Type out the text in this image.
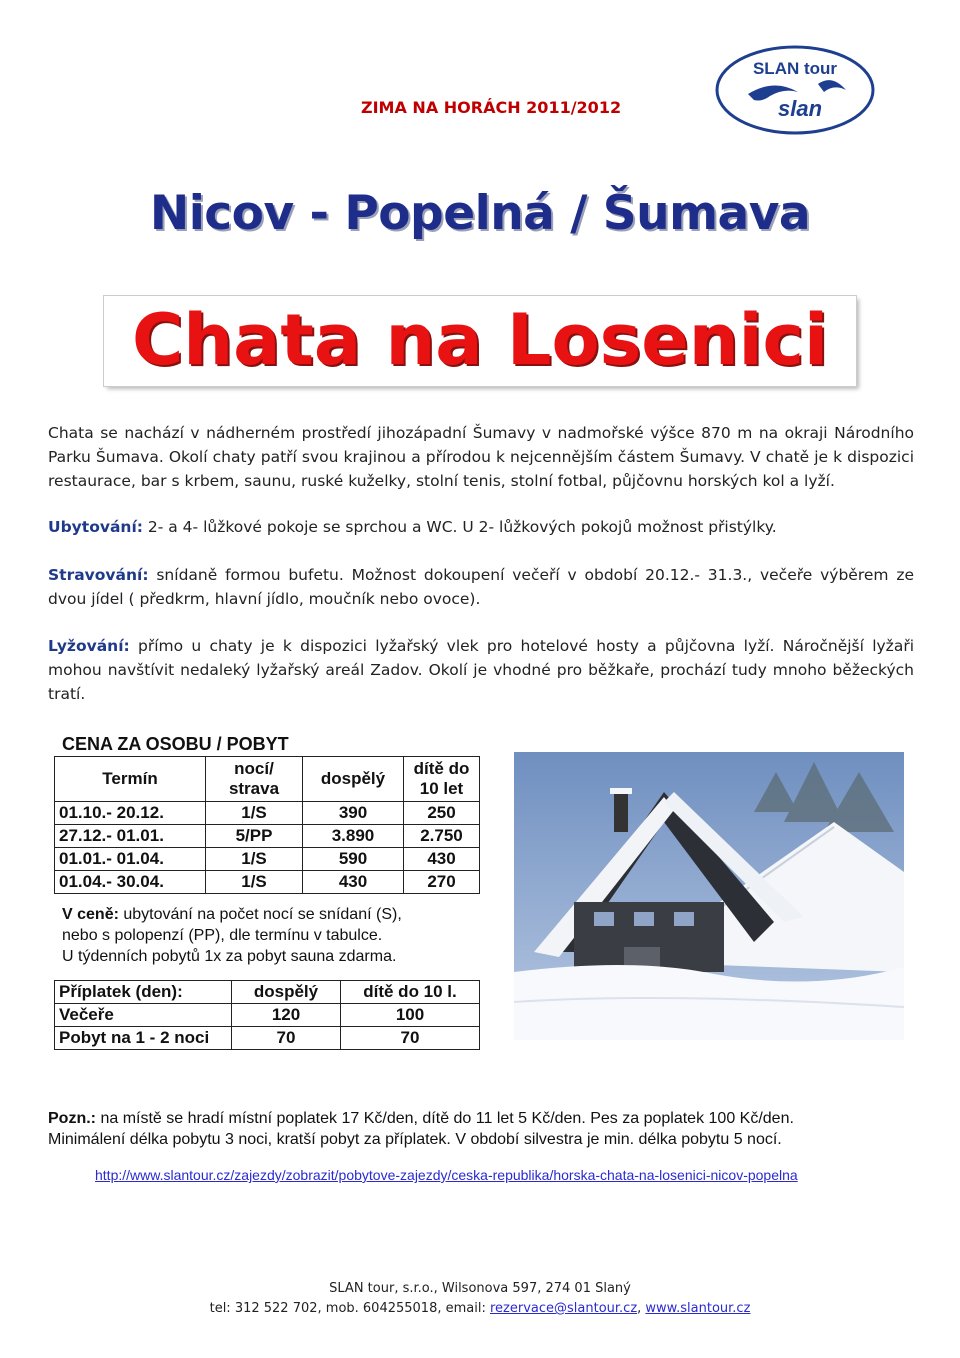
ZIMA NA HORÁCH 2011/2012
SLAN tour
slan
Nicov - Popelná / Šumava
Chata na Losenici
Chata se nachází v nádherném prostředí jihozápadní Šumavy v nadmořské výšce 870 m na okraji Národního Parku Šumava. Okolí chaty patří svou krajinou a přírodou k nejcennějším částem Šumavy. V chatě je k dispozici restaurace, bar s krbem, saunu, ruské kuželky, stolní tenis, stolní fotbal, půjčovnu horských kol a lyží.
Ubytování: 2- a 4- lůžkové pokoje se sprchou a WC. U 2- lůžkových pokojů možnost přistýlky.
Stravování: snídaně formou bufetu. Možnost dokoupení večeří v období 20.12.- 31.3., večeře výběrem ze dvou jídel ( předkrm, hlavní jídlo, moučník nebo ovoce).
Lyžování: přímo u chaty je k dispozici lyžařský vlek pro hotelové hosty a půjčovna lyží. Náročnější lyžaři mohou navštívit nedaleký lyžařský areál Zadov. Okolí je vhodné pro běžkaře, prochází tudy mnoho běžeckých tratí.
CENA ZA OSOBU / POBYT
Termín	nocí/ strava	dospělý	dítě do 10 let
01.10.- 20.12.	1/S	390	250
27.12.- 01.01.	5/PP	3.890	2.750
01.01.- 01.04.	1/S	590	430
01.04.- 30.04.	1/S	430	270
V ceně: ubytování na počet nocí se snídaní (S),
nebo s polopenzí (PP), dle termínu v tabulce.
U týdenních pobytů 1x za pobyt sauna zdarma.
Příplatek (den):	dospělý	dítě do 10 l.
Večeře	120	100
Pobyt na 1 - 2 noci	70	70
Pozn.: na místě se hradí místní poplatek 17 Kč/den, dítě do 11 let 5 Kč/den. Pes za poplatek 100 Kč/den.
Minimálení délka pobytu 3 noci, kratší pobyt za příplatek. V období silvestra je min. délka pobytu 5 nocí.
http://www.slantour.cz/zajezdy/zobrazit/pobytove-zajezdy/ceska-republika/horska-chata-na-losenici-nicov-popelna
SLAN tour, s.r.o., Wilsonova 597, 274 01 Slaný
tel: 312 522 702, mob. 604255018, email: rezervace@slantour.cz, www.slantour.cz
